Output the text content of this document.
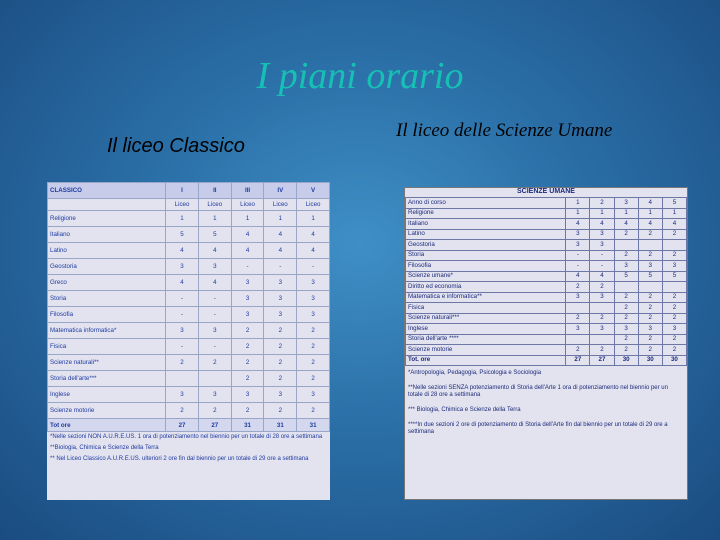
I piani orario
Il liceo Classico
Il liceo delle Scienze Umane
CLASSICO	I	II	III	IV	V
	Liceo	Liceo	Liceo	Liceo	Liceo
Religione	1	1	1	1	1
Italiano	5	5	4	4	4
Latino	4	4	4	4	4
Geostoria	3	3	-	-	-
Greco	4	4	3	3	3
Storia	-	-	3	3	3
Filosofia	-	-	3	3	3
Matematica informatica*	3	3	2	2	2
Fisica	-	-	2	2	2
Scienze naturali**	2	2	2	2	2
Storia dell'arte***			2	2	2
Inglese	3	3	3	3	3
Scienze motorie	2	2	2	2	2
Tot ore	27	27	31	31	31
*Nelle sezioni NON A.U.R.E.US. 1 ora di potenziamento nel biennio per un totale di 28 ore a settimana
**Biologia, Chimica e Scienze della Terra
** Nel Liceo Classico A.U.R.E.US. ulteriori 2 ore fin dal biennio per un totale di 29 ore a settimana
SCIENZE UMANE
Anno di corso	1	2	3	4	5
Religione	1	1	1	1	1
Italiano	4	4	4	4	4
Latino	3	3	2	2	2
Geostoria	3	3			
Storia	-	-	2	2	2
Filosofia	-	-	3	3	3
Scienze umane*	4	4	5	5	5
Diritto ed economia	2	2			
Matematica e informatica**	3	3	2	2	2
Fisica			2	2	2
Scienze naturali***	2	2	2	2	2
Inglese	3	3	3	3	3
Storia dell'arte ****			2	2	2
Scienze motorie	2	2	2	2	2
Tot. ore	27	27	30	30	30
*Antropologia, Pedagogia, Psicologia e Sociologia
**Nelle sezioni SENZA potenziamento di Storia dell'Arte 1 ora di potenziamento nel biennio per un totale di 28 ore a settimana
*** Biologia, Chimica e Scienze della Terra
****In due sezioni 2 ore di potenziamento di Storia dell'Arte fin dal biennio per un totale di 29 ore a settimana
